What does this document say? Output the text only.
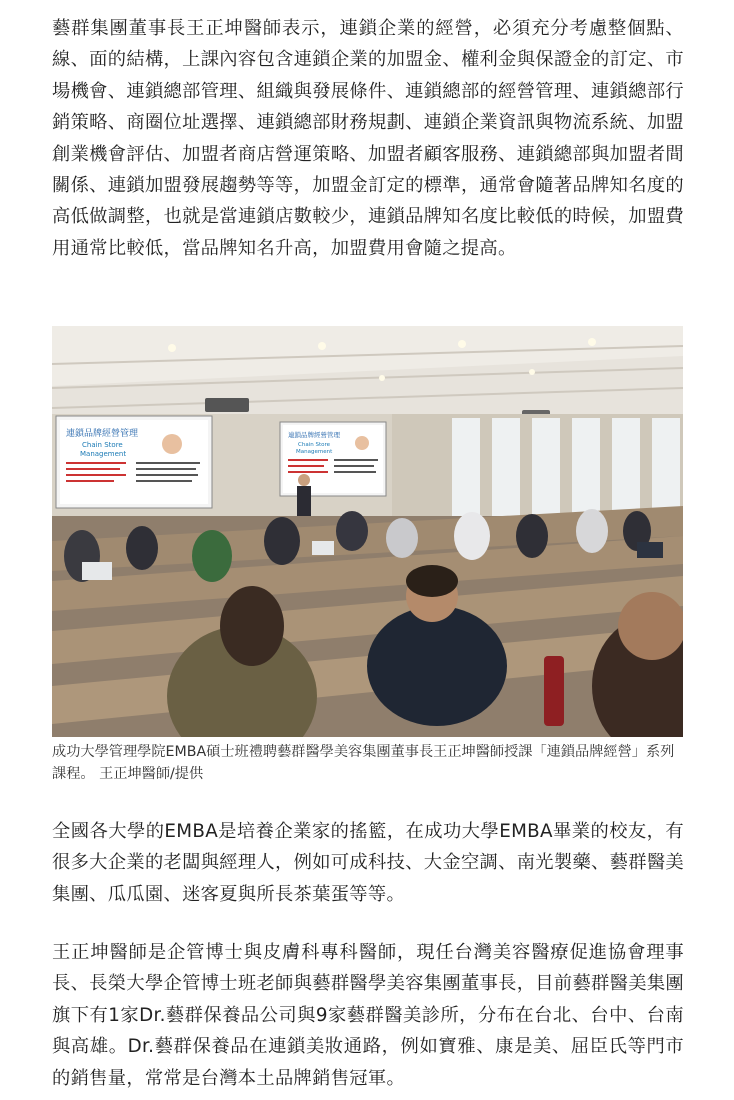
藝群集團董事長王正坤醫師表示，連鎖企業的經營，必須充分考慮整個點、線、面的結構，上課內容包含連鎖企業的加盟金、權利金與保證金的訂定、市場機會、連鎖總部管理、組織與發展條件、連鎖總部的經營管理、連鎖總部行銷策略、商圈位址選擇、連鎖總部財務規劃、連鎖企業資訊與物流系統、加盟創業機會評估、加盟者商店營運策略、加盟者顧客服務、連鎖總部與加盟者間關係、連鎖加盟發展趨勢等等，加盟金訂定的標準，通常會隨著品牌知名度的高低做調整，也就是當連鎖店數較少，連鎖品牌知名度比較低的時候，加盟費用通常比較低，當品牌知名升高，加盟費用會隨之提高。

連鎖品牌經營管理
Chain Store
Management
連鎖品牌經營管理
Chain Store
Management

成功大學管理學院EMBA碩士班禮聘藝群醫學美容集團董事長王正坤醫師授課「連鎖品牌經營」系列課程。 王正坤醫師/提供

全國各大學的EMBA是培養企業家的搖籃，在成功大學EMBA畢業的校友，有很多大企業的老闆與經理人，例如可成科技、大金空調、南光製藥、藝群醫美集團、瓜瓜園、迷客夏與所長茶葉蛋等等。

王正坤醫師是企管博士與皮膚科專科醫師，現任台灣美容醫療促進協會理事長、長榮大學企管博士班老師與藝群醫學美容集團董事長，目前藝群醫美集團旗下有1家Dr.藝群保養品公司與9家藝群醫美診所，分布在台北、台中、台南與高雄。Dr.藝群保養品在連鎖美妝通路，例如寶雅、康是美、屈臣氏等門市的銷售量，常常是台灣本土品牌銷售冠軍。
